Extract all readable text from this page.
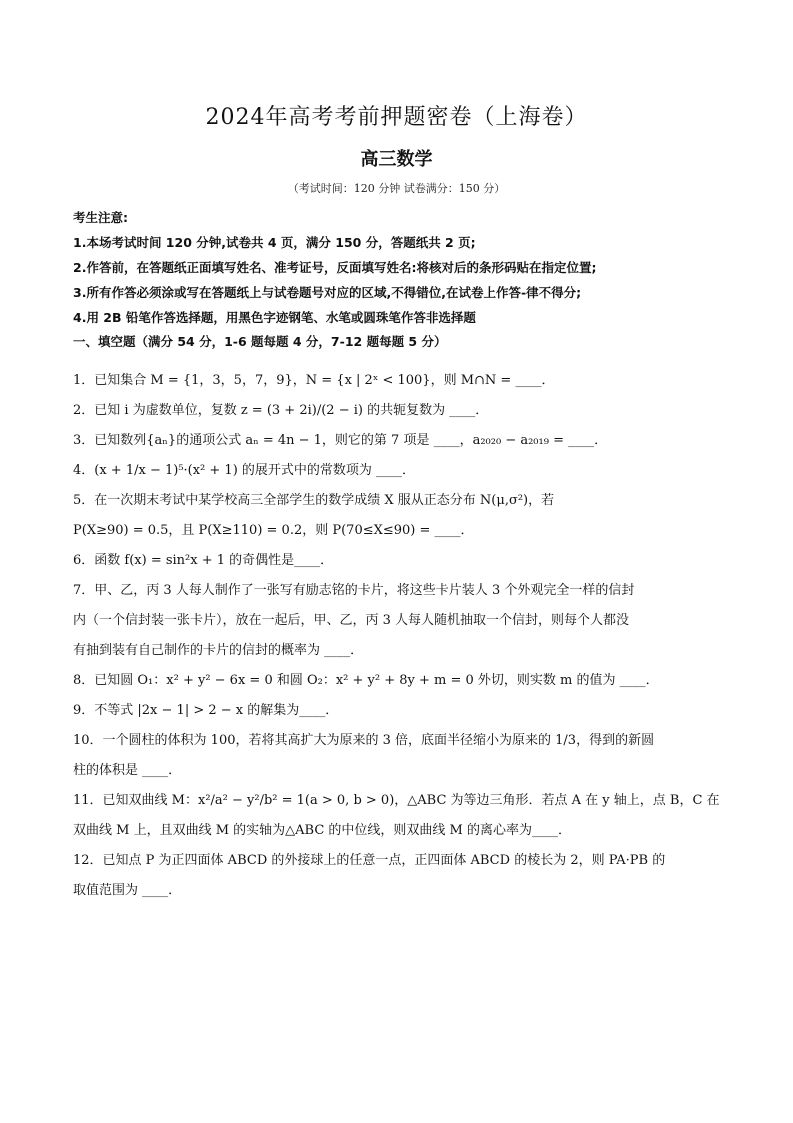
2024年高考考前押题密卷（上海卷）
高三数学
（考试时间：120 分钟 试卷满分：150 分）
考生注意:
1.本场考试时间 120 分钟,试卷共 4 页，满分 150 分，答题纸共 2 页;
2.作答前，在答题纸正面填写姓名、准考证号，反面填写姓名:将核对后的条形码贴在指定位置;
3.所有作答必须涂或写在答题纸上与试卷题号对应的区域,不得错位,在试卷上作答-律不得分;
4.用 2B 铅笔作答选择题，用黑色字迹钢笔、水笔或圆珠笔作答非选择题
一、填空题（满分 54 分，1-6 题每题 4 分，7-12 题每题 5 分）

1．已知集合 M = {1，3，5，7，9}，N = {x | 2ˣ < 100}，则 M∩N = ____．

2．已知 i 为虚数单位，复数 z = (3 + 2i)/(2 − i) 的共轭复数为 ____．

3．已知数列{aₙ}的通项公式 aₙ = 4n − 1，则它的第 7 项是 ____，a₂₀₂₀ − a₂₀₁₉ = ____．

4．(x + 1/x − 1)⁵·(x² + 1) 的展开式中的常数项为 ____．

5．在一次期末考试中某学校高三全部学生的数学成绩 X 服从正态分布 N(μ,σ²)，若

P(X≥90) = 0.5，且 P(X≥110) = 0.2，则 P(70≤X≤90) = ____．

6．函数 f(x) = sin²x + 1 的奇偶性是____．

7．甲、乙，丙 3 人每人制作了一张写有励志铭的卡片，将这些卡片装人 3 个外观完全一样的信封

内（一个信封装一张卡片），放在一起后，甲、乙，丙 3 人每人随机抽取一个信封，则每个人都没

有抽到装有自己制作的卡片的信封的概率为 ____．

8．已知圆 O₁：x² + y² − 6x = 0 和圆 O₂：x² + y² + 8y + m = 0 外切，则实数 m 的值为 ____．

9．不等式 |2x − 1| > 2 − x 的解集为____．

10．一个圆柱的体积为 100，若将其高扩大为原来的 3 倍，底面半径缩小为原来的 1/3，得到的新圆

柱的体积是 ____．

11．已知双曲线 M：x²/a² − y²/b² = 1(a > 0, b > 0)，△ABC 为等边三角形．若点 A 在 y 轴上，点 B，C 在

双曲线 M 上，且双曲线 M 的实轴为△ABC 的中位线，则双曲线 M 的离心率为____．

12．已知点 P 为正四面体 ABCD 的外接球上的任意一点，正四面体 ABCD 的棱长为 2，则 PA·PB 的

取值范围为 ____．
